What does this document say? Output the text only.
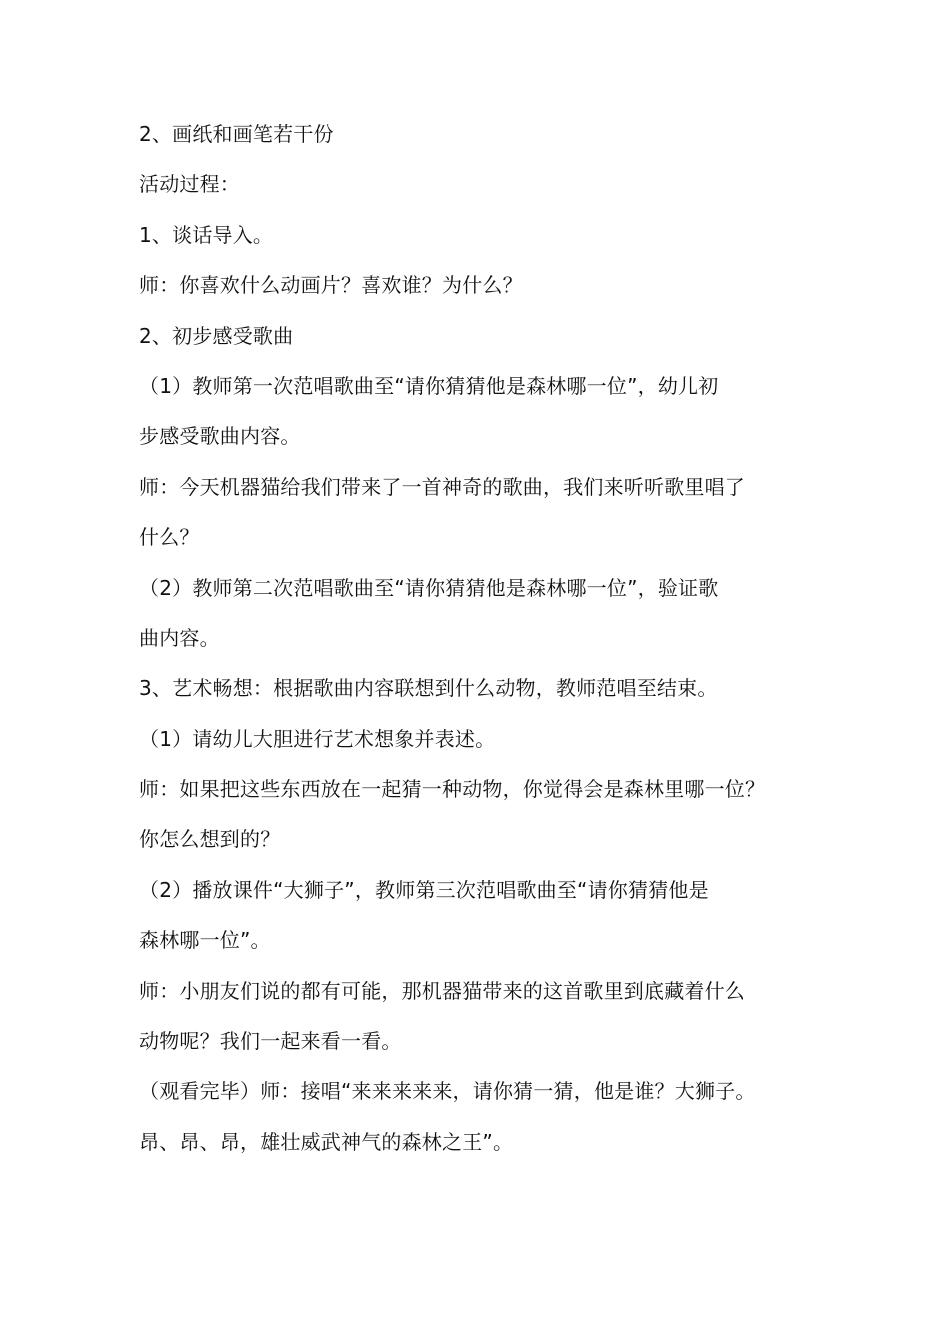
2、画纸和画笔若干份
活动过程：
1、谈话导入。
师：你喜欢什么动画片？喜欢谁？为什么？
2、初步感受歌曲
（1）教师第一次范唱歌曲至“请你猜猜他是森林哪一位”，幼儿初
步感受歌曲内容。
师：今天机器猫给我们带来了一首神奇的歌曲，我们来听听歌里唱了
什么？
（2）教师第二次范唱歌曲至“请你猜猜他是森林哪一位”，验证歌
曲内容。
3、艺术畅想：根据歌曲内容联想到什么动物，教师范唱至结束。
（1）请幼儿大胆进行艺术想象并表述。
师：如果把这些东西放在一起猜一种动物，你觉得会是森林里哪一位？
你怎么想到的？
（2）播放课件“大狮子”，教师第三次范唱歌曲至“请你猜猜他是
森林哪一位”。
师：小朋友们说的都有可能，那机器猫带来的这首歌里到底藏着什么
动物呢？我们一起来看一看。
（观看完毕）师：接唱“来来来来来，请你猜一猜，他是谁？大狮子。
昂、昂、昂，雄壮威武神气的森林之王”。
